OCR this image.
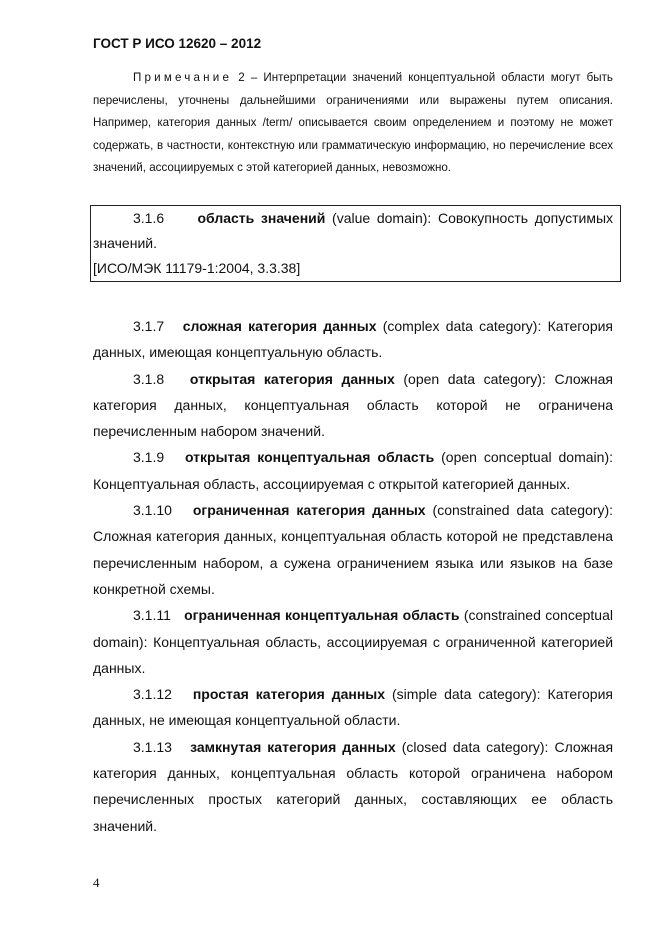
ГОСТ Р ИСО 12620 – 2012

Примечание 2 – Интерпретации значений концептуальной области могут быть перечислены, уточнены дальнейшими ограничениями или выражены путем описания. Например, категория данных /term/ описывается своим определением и поэтому не может содержать, в частности, контекстную или грамматическую информацию, но перечисление всех значений, ассоциируемых с этой категорией данных, невозможно.

3.1.6 область значений (value domain): Совокупность допустимых значений.

[ИСО/МЭК 11179-1:2004, 3.3.38]

3.1.7 сложная категория данных (complex data category): Категория данных, имеющая концептуальную область.

3.1.8 открытая категория данных (open data category): Сложная категория данных, концептуальная область которой не ограничена перечисленным набором значений.

3.1.9 открытая концептуальная область (open conceptual domain): Концептуальная область, ассоциируемая с открытой категорией данных.

3.1.10 ограниченная категория данных (constrained data category): Сложная категория данных, концептуальная область которой не представлена перечисленным набором, а сужена ограничением языка или языков на базе конкретной схемы.

3.1.11 ограниченная концептуальная область (constrained conceptual domain): Концептуальная область, ассоциируемая с ограниченной категорией данных.

3.1.12 простая категория данных (simple data category): Категория данных, не имеющая концептуальной области.

3.1.13 замкнутая категория данных (closed data category): Сложная категория данных, концептуальная область которой ограничена набором перечисленных простых категорий данных, составляющих ее область значений.

4
